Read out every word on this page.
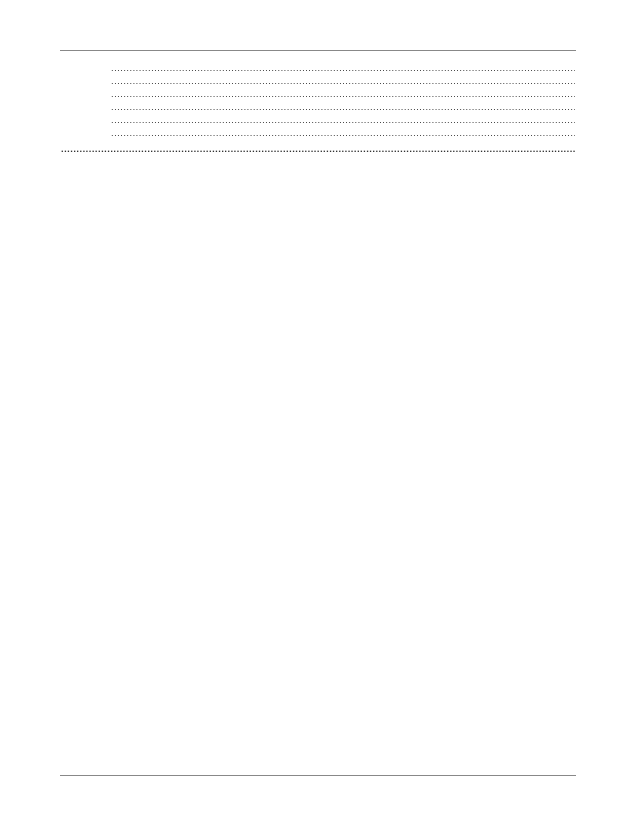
.....
.....
.....
.....
.....
.....
.....
